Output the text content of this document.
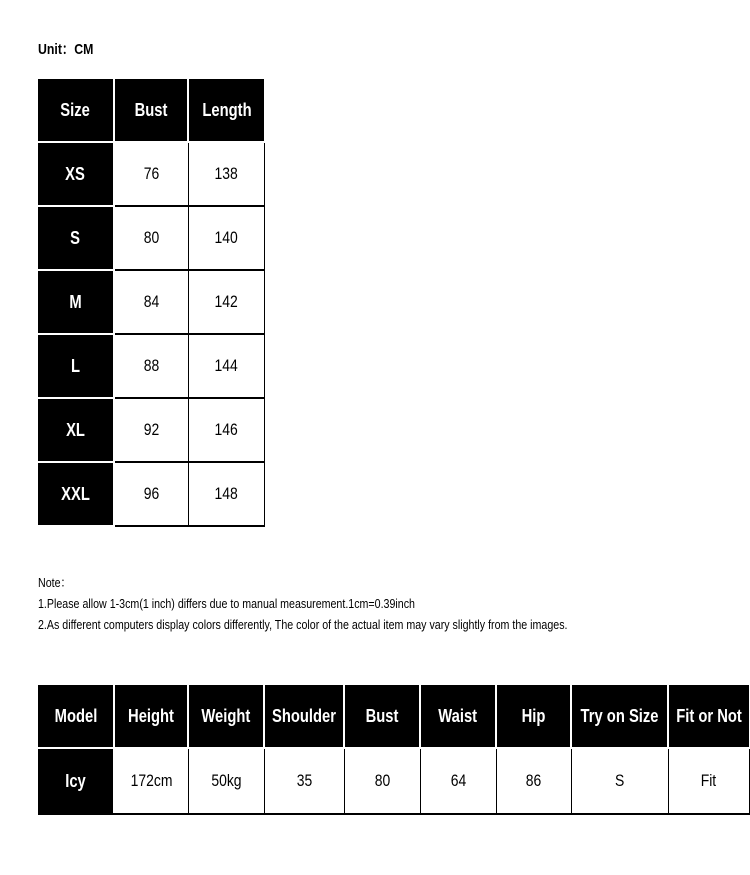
Unit：CM
Size	Bust	Length
XS	76	138
S	80	140
M	84	142
L	88	144
XL	92	146
XXL	96	148
Note：
1.Please allow 1-3cm(1 inch) differs due to manual measurement.1cm=0.39inch
2.As different computers display colors differently, The color of the actual item may vary slightly from the images.
Model	Height	Weight	Shoulder	Bust	Waist	Hip	Try on Size	Fit or Not
Icy	172cm	50kg	35	80	64	86	S	Fit
